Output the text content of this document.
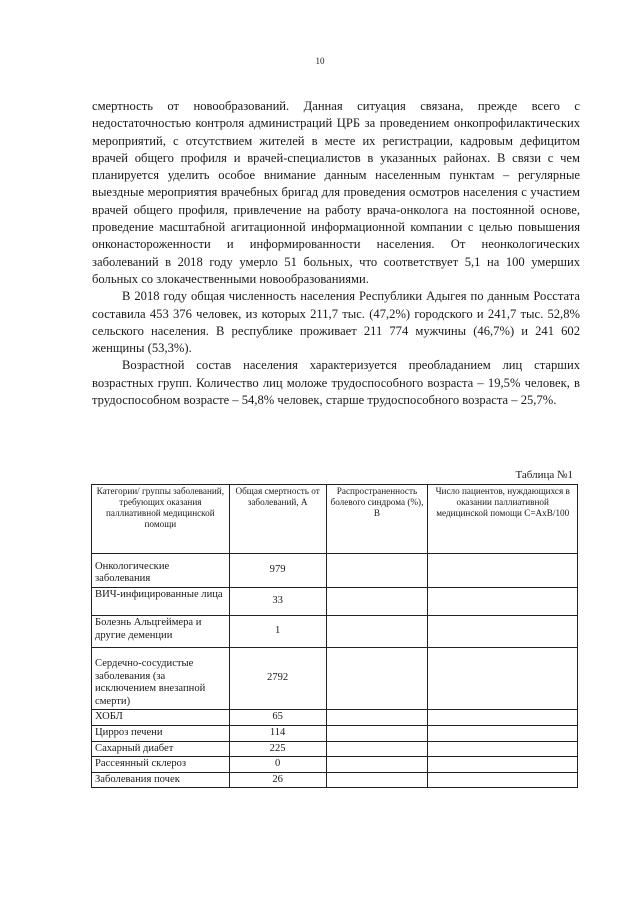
10

смертность от новообразований. Данная ситуация связана, прежде всего с недостаточностью контроля администраций ЦРБ за проведением онкопрофилактических мероприятий, с отсутствием жителей в месте их регистрации, кадровым дефицитом врачей общего профиля и врачей-специалистов в указанных районах. В связи с чем планируется уделить особое внимание данным населенным пунктам – регулярные выездные мероприятия врачебных бригад для проведения осмотров населения с участием врачей общего профиля, привлечение на работу врача-онколога на постоянной основе, проведение масштабной агитационной информационной компании с целью повышения онконастороженности и информированности населения. От неонкологических заболеваний в 2018 году умерло 51 больных, что соответствует 5,1 на 100 умерших больных со злокачественными новообразованиями.

В 2018 году общая численность населения Республики Адыгея по данным Росстата составила 453 376 человек, из которых 211,7 тыс. (47,2%) городского и 241,7 тыс. 52,8% сельского населения. В республике проживает 211 774 мужчины (46,7%) и 241 602 женщины (53,3%).

Возрастной состав населения характеризуется преобладанием лиц старших возрастных групп. Количество лиц моложе трудоспособного возраста – 19,5% человек, в трудоспособном возрасте – 54,8% человек, старше трудоспособного возраста – 25,7%.

Таблица №1
Категории/ группы заболеваний, требующих оказания паллиативной медицинской помощи	Общая смертность от заболеваний, А	Распространенность болевого синдрома (%), В	Число пациентов, нуждающихся в оказании паллиативной медицинской помощи С=АхВ/100
Онкологические заболевания	979		
ВИЧ-инфицированные лица	33		
Болезнь Альцгеймера и другие деменции	1		
Сердечно-сосудистые заболевания (за исключением внезапной смерти)	2792		
ХОБЛ	65		
Цирроз печени	114		
Сахарный диабет	225		
Рассеянный склероз	0		
Заболевания почек	26		
